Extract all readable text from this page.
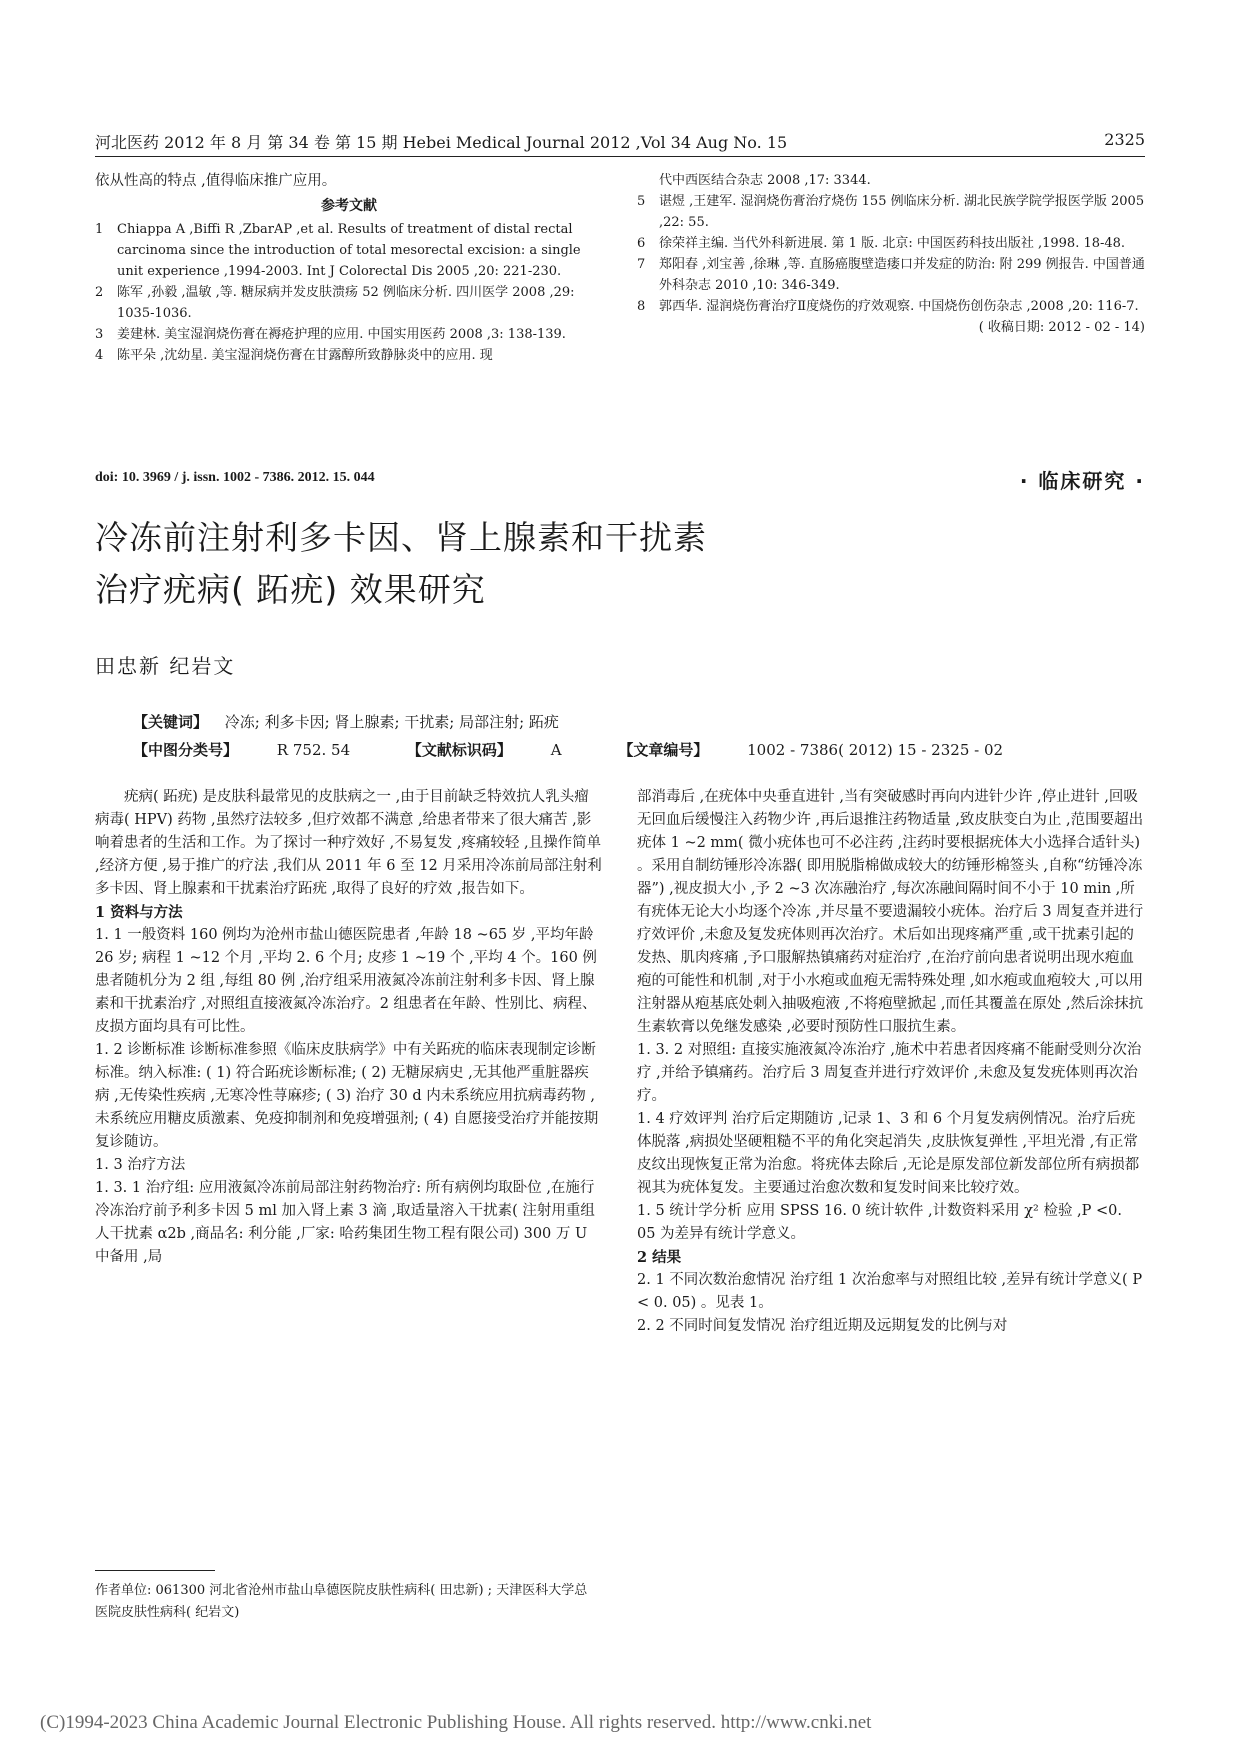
河北医药 2012 年 8 月 第 34 卷 第 15 期 Hebei Medical Journal 2012 ,Vol 34 Aug No. 15	2325

依从性高的特点 ,值得临床推广应用。

参考文献
1	Chiappa A ,Biffi R ,ZbarAP ,et al. Results of treatment of distal rectal carcinoma since the introduction of total mesorectal excision: a single unit experience ,1994-2003. Int J Colorectal Dis 2005 ,20: 221-230.
2	陈军 ,孙毅 ,温敏 ,等. 糖尿病并发皮肤溃疡 52 例临床分析. 四川医学 2008 ,29: 1035-1036.
3	姜建林. 美宝湿润烧伤膏在褥疮护理的应用. 中国实用医药 2008 ,3: 138-139.
4	陈平朵 ,沈幼星. 美宝湿润烧伤膏在甘露醇所致静脉炎中的应用. 现
代中西医结合杂志 2008 ,17: 3344.
5	谌煜 ,王建军. 湿润烧伤膏治疗烧伤 155 例临床分析. 湖北民族学院学报医学版 2005 ,22: 55.
6	徐荣祥主编. 当代外科新进展. 第 1 版. 北京: 中国医药科技出版社 ,1998. 18-48.
7	郑阳春 ,刘宝善 ,徐琳 ,等. 直肠癌腹壁造瘘口并发症的防治: 附 299 例报告. 中国普通外科杂志 2010 ,10: 346-349.
8	郭西华. 湿润烧伤膏治疗Ⅱ度烧伤的疗效观察. 中国烧伤创伤杂志 ,2008 ,20: 116-7.
( 收稿日期: 2012 - 02 - 14)
doi: 10. 3969 / j. issn. 1002 - 7386. 2012. 15. 044	· 临床研究 ·
冷冻前注射利多卡因、肾上腺素和干扰素
治疗疣病( 跖疣) 效果研究
田忠新 纪岩文
【关键词】 冷冻; 利多卡因; 肾上腺素; 干扰素; 局部注射; 跖疣
【中图分类号】	R 752. 54	【文献标识码】	A	【文章编号】	1002 - 7386( 2012) 15 - 2325 - 02

疣病( 跖疣) 是皮肤科最常见的皮肤病之一 ,由于目前缺乏特效抗人乳头瘤病毒( HPV) 药物 ,虽然疗法较多 ,但疗效都不满意 ,给患者带来了很大痛苦 ,影响着患者的生活和工作。为了探讨一种疗效好 ,不易复发 ,疼痛较轻 ,且操作简单 ,经济方便 ,易于推广的疗法 ,我们从 2011 年 6 至 12 月采用冷冻前局部注射利多卡因、肾上腺素和干扰素治疗跖疣 ,取得了良好的疗效 ,报告如下。

1 资料与方法

1. 1 一般资料 160 例均为沧州市盐山德医院患者 ,年龄 18 ~65 岁 ,平均年龄 26 岁; 病程 1 ~12 个月 ,平均 2. 6 个月; 皮疹 1 ~19 个 ,平均 4 个。160 例患者随机分为 2 组 ,每组 80 例 ,治疗组采用液氮冷冻前注射利多卡因、肾上腺素和干扰素治疗 ,对照组直接液氮冷冻治疗。2 组患者在年龄、性别比、病程、皮损方面均具有可比性。

1. 2 诊断标准 诊断标准参照《临床皮肤病学》中有关跖疣的临床表现制定诊断标准。纳入标准: ( 1) 符合跖疣诊断标准; ( 2) 无糖尿病史 ,无其他严重脏器疾病 ,无传染性疾病 ,无寒冷性荨麻疹; ( 3) 治疗 30 d 内未系统应用抗病毒药物 ,未系统应用糖皮质激素、免疫抑制剂和免疫增强剂; ( 4) 自愿接受治疗并能按期复诊随访。

1. 3 治疗方法

1. 3. 1 治疗组: 应用液氮冷冻前局部注射药物治疗: 所有病例均取卧位 ,在施行冷冻治疗前予利多卡因 5 ml 加入肾上素 3 滴 ,取适量溶入干扰素( 注射用重组人干扰素 α2b ,商品名: 利分能 ,厂家: 哈药集团生物工程有限公司) 300 万 U 中备用 ,局

部消毒后 ,在疣体中央垂直进针 ,当有突破感时再向内进针少许 ,停止进针 ,回吸无回血后缓慢注入药物少许 ,再后退推注药物适量 ,致皮肤变白为止 ,范围要超出疣体 1 ~2 mm( 微小疣体也可不必注药 ,注药时要根据疣体大小选择合适针头) 。采用自制纺锤形冷冻器( 即用脱脂棉做成较大的纺锤形棉签头 ,自称“纺锤冷冻器”) ,视皮损大小 ,予 2 ~3 次冻融治疗 ,每次冻融间隔时间不小于 10 min ,所有疣体无论大小均逐个冷冻 ,并尽量不要遗漏较小疣体。治疗后 3 周复查并进行疗效评价 ,未愈及复发疣体则再次治疗。术后如出现疼痛严重 ,或干扰素引起的发热、肌肉疼痛 ,予口服解热镇痛药对症治疗 ,在治疗前向患者说明出现水疱血疱的可能性和机制 ,对于小水疱或血疱无需特殊处理 ,如水疱或血疱较大 ,可以用注射器从疱基底处刺入抽吸疱液 ,不将疱壁掀起 ,而任其覆盖在原处 ,然后涂抹抗生素软膏以免继发感染 ,必要时预防性口服抗生素。

1. 3. 2 对照组: 直接实施液氮冷冻治疗 ,施术中若患者因疼痛不能耐受则分次治疗 ,并给予镇痛药。治疗后 3 周复查并进行疗效评价 ,未愈及复发疣体则再次治疗。

1. 4 疗效评判 治疗后定期随访 ,记录 1、3 和 6 个月复发病例情况。治疗后疣体脱落 ,病损处坚硬粗糙不平的角化突起消失 ,皮肤恢复弹性 ,平坦光滑 ,有正常皮纹出现恢复正常为治愈。将疣体去除后 ,无论是原发部位新发部位所有病损都视其为疣体复发。主要通过治愈次数和复发时间来比较疗效。

1. 5 统计学分析 应用 SPSS 16. 0 统计软件 ,计数资料采用 χ² 检验 ,P <0. 05 为差异有统计学意义。

2 结果

2. 1 不同次数治愈情况 治疗组 1 次治愈率与对照组比较 ,差异有统计学意义( P < 0. 05) 。见表 1。

2. 2 不同时间复发情况 治疗组近期及远期复发的比例与对

作者单位: 061300 河北省沧州市盐山阜德医院皮肤性病科( 田忠新) ; 天津医科大学总医院皮肤性病科( 纪岩文)
(C)1994-2023 China Academic Journal Electronic Publishing House. All rights reserved. http://www.cnki.net
